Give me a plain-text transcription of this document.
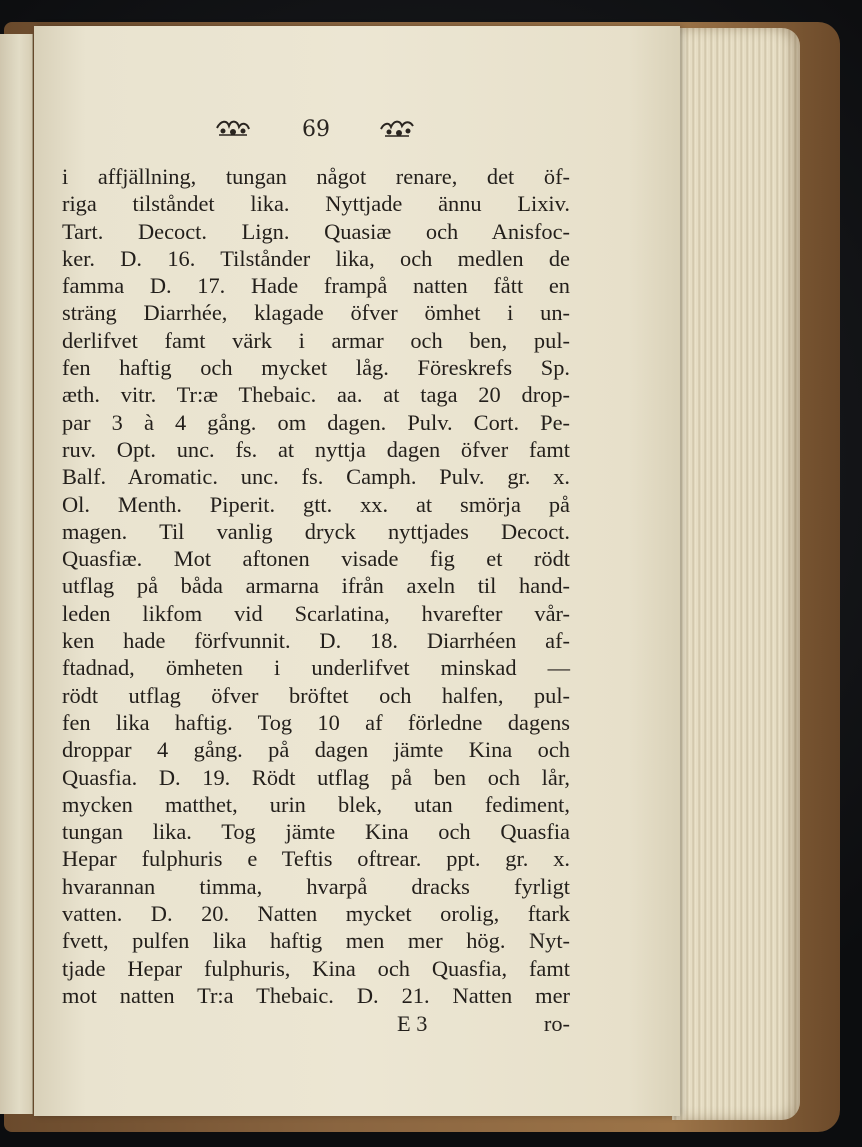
69
i affjällning, tungan något renare, det öf-
riga tilståndet lika. Nyttjade ännu Lixiv.
Tart. Decoct. Lign. Quasiæ och Anisfoc-
ker. D. 16. Tilstånder lika, och medlen de
famma D. 17. Hade frampå natten fått en
sträng Diarrhée, klagade öfver ömhet i un-
derlifvet famt värk i armar och ben, pul-
fen haftig och mycket låg. Föreskrefs Sp.
æth. vitr. Tr:æ Thebaic. aa. at taga 20 drop-
par 3 à 4 gång. om dagen. Pulv. Cort. Pe-
ruv. Opt. unc. fs. at nyttja dagen öfver famt
Balf. Aromatic. unc. fs. Camph. Pulv. gr. x.
Ol. Menth. Piperit. gtt. xx. at smörja på
magen. Til vanlig dryck nyttjades Decoct.
Quasfiæ. Mot aftonen visade fig et rödt
utflag på båda armarna ifrån axeln til hand-
leden likfom vid Scarlatina, hvarefter vår-
ken hade förfvunnit. D. 18. Diarrhéen af-
ftadnad, ömheten i underlifvet minskad —
rödt utflag öfver bröftet och halfen, pul-
fen lika haftig. Tog 10 af förledne dagens
droppar 4 gång. på dagen jämte Kina och
Quasfia. D. 19. Rödt utflag på ben och lår,
mycken matthet, urin blek, utan fediment,
tungan lika. Tog jämte Kina och Quasfia
Hepar fulphuris e Teftis oftrear. ppt. gr. x.
hvarannan timma, hvarpå dracks fyrligt
vatten. D. 20. Natten mycket orolig, ftark
fvett, pulfen lika haftig men mer hög. Nyt-
tjade Hepar fulphuris, Kina och Quasfia, famt
mot natten Tr:a Thebaic. D. 21. Natten mer
E 3	ro-
